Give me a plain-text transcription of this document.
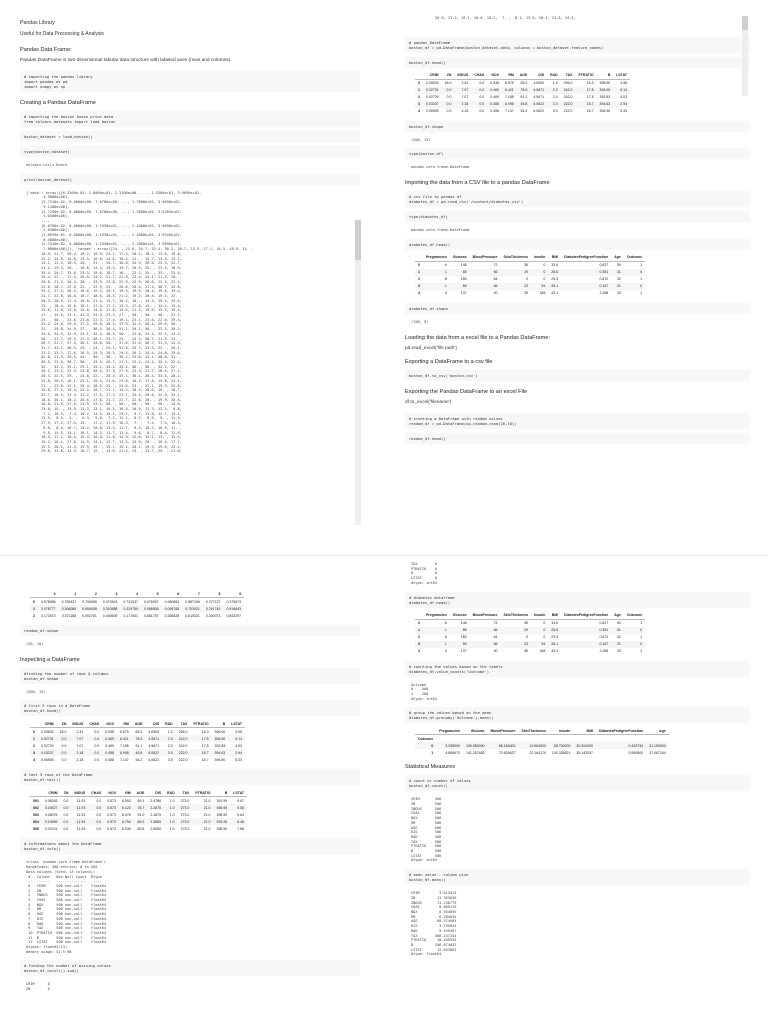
Pandas Library

Useful for Data Processing & Analysis

Pandas Data Frame:

Pandas DataFrame is two-dimensional tabular data structure with labeled axes (rows and columns).

# importing the pandas library
import pandas as pd
import numpy as np

Creating a Pandas DataFrame

# importing the boston house price data
from sklearn.datasets import load_boston
boston_dataset = load_boston()
type(boston_dataset)
sklearn.utils.Bunch
print(boston_dataset)
{'data': array([[6.3200e-03, 1.8000e+01, 2.3100e+00, ..., 1.5300e+01, 3.9690e+02,
4.9800e+00],
[2.7310e-02, 0.0000e+00, 7.0700e+00, ..., 1.7800e+01, 3.9690e+02,
9.1400e+00],
[2.7290e-02, 0.0000e+00, 7.0700e+00, ..., 1.7800e+01, 3.9283e+02,
4.0300e+00],
...,
[6.0760e-02, 0.0000e+00, 1.1930e+01, ..., 2.1000e+01, 3.9690e+02,
5.6400e+00],
[1.0959e-01, 0.0000e+00, 1.1930e+01, ..., 2.1000e+01, 3.9345e+02,
6.4800e+00],
[4.7410e-02, 0.0000e+00, 1.1930e+01, ..., 2.1000e+01, 3.9690e+02,
7.8800e+00]]), 'target': array([24. , 21.6, 34.7, 33.4, 36.2, 28.7, 22.9, 27.1, 16.5, 18.9, 15. ,
18.9, 21.7, 20.4, 18.2, 19.9, 23.1, 17.5, 20.2, 18.2, 13.6, 19.6,
15.2, 14.5, 15.6, 13.9, 16.6, 14.8, 18.4, 21. , 12.7, 14.5, 13.2,
13.1, 13.5, 18.9, 20. , 21. , 24.7, 30.8, 34.9, 26.6, 25.3, 24.7,
21.2, 19.3, 20. , 16.6, 14.4, 19.4, 19.7, 20.5, 25. , 23.4, 18.9,
35.4, 24.7, 31.6, 23.3, 19.6, 18.7, 16. , 22.2, 25. , 33. , 23.5,
19.4, 22. , 17.4, 20.9, 24.2, 21.7, 22.8, 23.4, 24.1, 21.4, 20. ,
20.8, 21.2, 20.3, 28. , 23.9, 24.8, 22.9, 23.9, 26.6, 22.5, 22.2,
23.6, 28.7, 22.6, 22. , 22.9, 25. , 20.6, 28.4, 21.4, 38.7, 43.8,
33.2, 27.5, 26.5, 18.6, 19.3, 20.1, 19.5, 19.5, 20.4, 19.8, 19.4,
21.7, 22.8, 18.8, 18.7, 18.5, 18.3, 21.2, 19.2, 20.4, 19.3, 22. ,
20.3, 20.5, 17.3, 18.8, 21.4, 15.7, 16.2, 18. , 14.3, 19.2, 19.6,
23. , 18.4, 15.6, 18.1, 17.4, 17.1, 13.3, 17.8, 14. , 14.4, 13.4,
15.6, 11.8, 13.8, 15.6, 14.6, 17.8, 15.4, 21.5, 19.6, 15.3, 19.4,
17. , 15.6, 13.1, 41.3, 24.3, 23.3, 27. , 50. , 50. , 50. , 22.7,
25. , 50. , 23.8, 23.8, 22.3, 17.4, 19.1, 23.1, 23.6, 22.6, 29.4,
23.2, 24.6, 29.9, 37.2, 39.8, 36.2, 37.9, 32.5, 26.4, 29.6, 50. ,
32. , 29.8, 34.9, 37. , 30.5, 36.4, 31.1, 29.1, 50. , 33.3, 30.3,
34.6, 34.9, 32.9, 24.1, 42.3, 48.5, 50. , 22.6, 24.4, 22.5, 24.4,
20. , 21.7, 19.3, 22.4, 28.1, 23.7, 25. , 23.3, 28.7, 21.5, 23. ,
26.7, 21.7, 27.5, 30.1, 44.8, 50. , 37.6, 31.6, 46.7, 31.5, 24.3,
31.7, 41.7, 48.3, 29. , 24. , 25.1, 31.5, 23.7, 23.3, 22. , 20.1,
22.2, 23.7, 17.6, 18.5, 24.3, 20.5, 24.5, 26.2, 24.4, 24.8, 29.6,
42.8, 21.9, 20.9, 44. , 50. , 36. , 30.1, 33.8, 43.1, 48.8, 31. ,
36.5, 22.8, 30.7, 50. , 43.5, 20.7, 21.1, 25.2, 24.4, 35.2, 32.4,
32. , 33.2, 33.1, 29.1, 35.1, 45.4, 35.4, 46. , 50. , 32.2, 22. ,
20.1, 23.2, 22.3, 24.8, 28.5, 37.3, 27.9, 23.9, 21.7, 28.6, 27.1,
20.3, 22.5, 29. , 24.8, 22. , 26.4, 33.1, 36.1, 28.4, 33.4, 28.2,
22.8, 20.3, 16.1, 22.1, 19.4, 21.6, 23.8, 16.2, 17.8, 19.8, 23.1,
21. , 23.8, 23.1, 20.4, 18.5, 25. , 24.6, 23. , 22.2, 19.3, 22.6,
19.8, 17.1, 19.4, 22.2, 20.7, 21.1, 19.5, 18.5, 20.6, 19. , 18.7,
32.7, 16.5, 23.9, 31.2, 17.5, 17.2, 23.1, 24.5, 26.6, 22.9, 24.1,
18.6, 30.1, 18.2, 20.6, 17.8, 21.7, 22.7, 22.6, 25. , 19.9, 20.8,
16.8, 21.9, 27.5, 21.9, 23.1, 50. , 50. , 50. , 50. , 50. , 13.8,
13.8, 15. , 13.9, 13.3, 13.1, 10.2, 10.4, 10.9, 11.3, 12.3,  8.8,
7.2, 10.5,  7.4, 10.2, 11.5, 15.1, 23.2,  9.7, 13.8, 12.7, 13.1,
12.5,  8.5,  5. ,  6.3,  5.6,  7.2, 12.1,  8.3,  8.5,  5. , 11.9,
27.9, 17.2, 27.5, 15. , 17.2, 17.9, 16.3,  7. ,  7.2,  7.5, 10.4,
8.8,  8.4, 16.7, 14.2, 20.8, 13.4, 11.7,  8.3, 10.2, 10.9, 11. ,
9.5, 14.5, 14.1, 16.1, 14.3, 11.7, 13.4,  9.6,  8.7,  8.4, 12.8,
10.5, 17.1, 18.4, 15.4, 10.8, 11.8, 14.9, 12.6, 14.1, 13. , 13.4,
15.2, 16.1, 17.8, 14.9, 14.1, 12.7, 13.5, 14.9, 20. , 16.4, 17.7,
19.5, 20.2, 21.4, 19.9, 19. , 19.1, 19.1, 20.1, 19.9, 19.6, 23.2,
29.8, 13.8, 13.3, 16.7, 12. , 14.6, 21.4, 23. , 23.7, 25. , 21.8,
20.6, 21.2, 19.1, 20.6, 15.2,  7. ,  8.1, 13.6, 20.1, 21.8, 24.5,
# pandas DataFrame
boston_df = pd.DataFrame(boston_dataset.data, columns = boston_dataset.feature_names)
boston_df.head()
	CRIM	ZN	INDUS	CHAS	NOX	RM	AGE	DIS	RAD	TAX	PTRATIO	B	LSTAT
0	0.00632	18.0	2.31	0.0	0.538	6.575	65.2	4.0900	1.0	296.0	15.3	396.90	4.98
1	0.02731	0.0	7.07	0.0	0.469	6.421	78.9	4.9671	2.0	242.0	17.8	396.90	9.14
2	0.02729	0.0	7.07	0.0	0.469	7.185	61.1	4.9671	2.0	242.0	17.8	392.83	4.03
3	0.03237	0.0	2.18	0.0	0.458	6.998	45.8	6.0622	3.0	222.0	18.7	394.63	2.94
4	0.06905	0.0	2.18	0.0	0.458	7.147	54.2	6.0622	3.0	222.0	18.7	396.90	5.33
boston_df.shape
(506, 13)
type(boston_df)
pandas.core.frame.DataFrame

Importing the data from a CSV file to a pandas DataFrame

# csv file to pandas df
diabetes_df = pd.read_csv('/content/diabetes.csv')
type(diabetes_df)
pandas.core.frame.DataFrame
diabetes_df.head()
	Pregnancies	Glucose	BloodPressure	SkinThickness	Insulin	BMI	DiabetesPedigreeFunction	Age	Outcome
0	6	148	72	35	0	33.6	0.627	50	1
1	1	85	66	29	0	26.6	0.351	31	0
2	8	183	64	0	0	23.3	0.672	32	1
3	1	89	66	23	94	28.1	0.167	21	0
4	0	137	40	35	168	43.1	2.288	33	1
diabetes_df.shape
(768, 9)

Loading the data from a excel file to a Pandas DataFrame:

pd.read_excel('file path')

Exporting a DataFrame to a csv file

boston_df.to_csv('boston.csv')

Exporting the Pandas DataFrame to an excel File

df.to_excel('filename')

# creating a DataFrame with random values
random_df = pd.DataFrame(np.random.rand(20,10))
random_df.head()
	0	1	2	3	4	5	6	7	8	9
0	0.978086	0.798437	0.706065	0.370304	0.731037	0.976097	0.980863	0.887156	0.377137	0.375573
1	0.078777	0.206086	0.606008	0.310588	0.329789	0.086808	0.099768	0.753921	0.261749	0.916843
2	0.172673	0.071186	0.092781	0.492605	0.177601	0.681757	0.286828	0.615321	0.300073	0.843297
random_df.shape
(20, 10)

Inspecting a DataFrame

#finding the number of rows & columns
boston_df.shape
(506, 13)
# first 5 rows in a DataFrame
boston_df.head()
	CRIM	ZN	INDUS	CHAS	NOX	RM	AGE	DIS	RAD	TAX	PTRATIO	B	LSTAT
0	0.00632	18.0	2.31	0.0	0.538	6.575	65.2	4.0900	1.0	296.0	15.3	396.90	4.98
1	0.02731	0.0	7.07	0.0	0.469	6.421	78.9	4.9671	2.0	242.0	17.8	396.90	9.14
2	0.02729	0.0	7.07	0.0	0.469	7.185	61.1	4.9671	2.0	242.0	17.8	392.83	4.03
3	0.03237	0.0	2.18	0.0	0.458	6.998	45.8	6.0622	3.0	222.0	18.7	394.63	2.94
4	0.06905	0.0	2.18	0.0	0.458	7.147	54.2	6.0622	3.0	222.0	18.7	396.90	5.33
# last 5 rows of the DataFrame
boston_df.tail()
	CRIM	ZN	INDUS	CHAS	NOX	RM	AGE	DIS	RAD	TAX	PTRATIO	B	LSTAT
501	0.06263	0.0	11.93	0.0	0.573	6.593	69.1	2.4786	1.0	273.0	21.0	391.99	9.67
502	0.04527	0.0	11.93	0.0	0.573	6.120	76.7	2.2875	1.0	273.0	21.0	396.90	9.08
503	0.06076	0.0	11.93	0.0	0.573	6.976	91.0	2.1675	1.0	273.0	21.0	396.90	5.64
504	0.10959	0.0	11.93	0.0	0.573	6.794	89.3	2.3889	1.0	273.0	21.0	393.45	6.48
505	0.04741	0.0	11.93	0.0	0.573	6.030	80.8	2.5050	1.0	273.0	21.0	396.90	7.88
# informations about the DataFrame
boston_df.info()
<class 'pandas.core.frame.DataFrame'>
RangeIndex: 506 entries, 0 to 505
Data columns (total 13 columns):
#   Column   Non-Null Count  Dtype
---  ------   --------------  -----
0   CRIM     506 non-null    float64
1   ZN       506 non-null    float64
2   INDUS    506 non-null    float64
3   CHAS     506 non-null    float64
4   NOX      506 non-null    float64
5   RM       506 non-null    float64
6   AGE      506 non-null    float64
7   DIS      506 non-null    float64
8   RAD      506 non-null    float64
9   TAX      506 non-null    float64
10  PTRATIO  506 non-null    float64
11  B        506 non-null    float64
12  LSTAT    506 non-null    float64
dtypes: float64(13)
memory usage: 51.5 KB
# finding the number of missing values
boston_df.isnull().sum()
CRIM      0
ZN        0
TAX        0
PTRATIO    0
B          0
LSTAT      0
dtype: int64
# diabetes dataframe
diabetes_df.head()
	Pregnancies	Glucose	BloodPressure	SkinThickness	Insulin	BMI	DiabetesPedigreeFunction	Age	Outcome
0	6	148	72	35	0	33.6	0.627	50	1
1	1	85	66	29	0	26.6	0.351	31	0
2	8	183	64	0	0	23.3	0.672	32	1
3	1	89	66	23	94	28.1	0.167	21	0
4	0	137	40	35	168	43.1	2.288	33	1
# counting the values based on the labels
diabetes_df.value_counts('Outcome')
Outcome
0    500
1    268
dtype: int64
# group the values based on the mean
diabetes_df.groupby('Outcome').mean()
	Pregnancies	Glucose	BloodPressure	SkinThickness	Insulin	BMI	DiabetesPedigreeFunction	Age
Outcome								
0	3.298000	109.980000	68.184000	19.664000	68.792000	30.304200	0.429734	31.190000
1	4.865672	141.257463	70.824627	22.164179	100.335821	35.142537	0.550500	37.067164

Statistical Measures

# count or number of values
boston_df.count()
CRIM       506
ZN         506
INDUS      506
CHAS       506
NOX        506
RM         506
AGE        506
DIS        506
RAD        506
TAX        506
PTRATIO    506
B          506
LSTAT      506
dtype: int64
# mean value - column wise
boston_df.mean()
CRIM         3.613524
ZN          11.363636
INDUS       11.136779
CHAS         0.069170
NOX          0.554695
RM           6.284634
AGE         68.574901
DIS          3.795043
RAD          9.549407
TAX        408.237154
PTRATIO     18.455534
B          356.674032
LSTAT       12.653063
dtype: float64
